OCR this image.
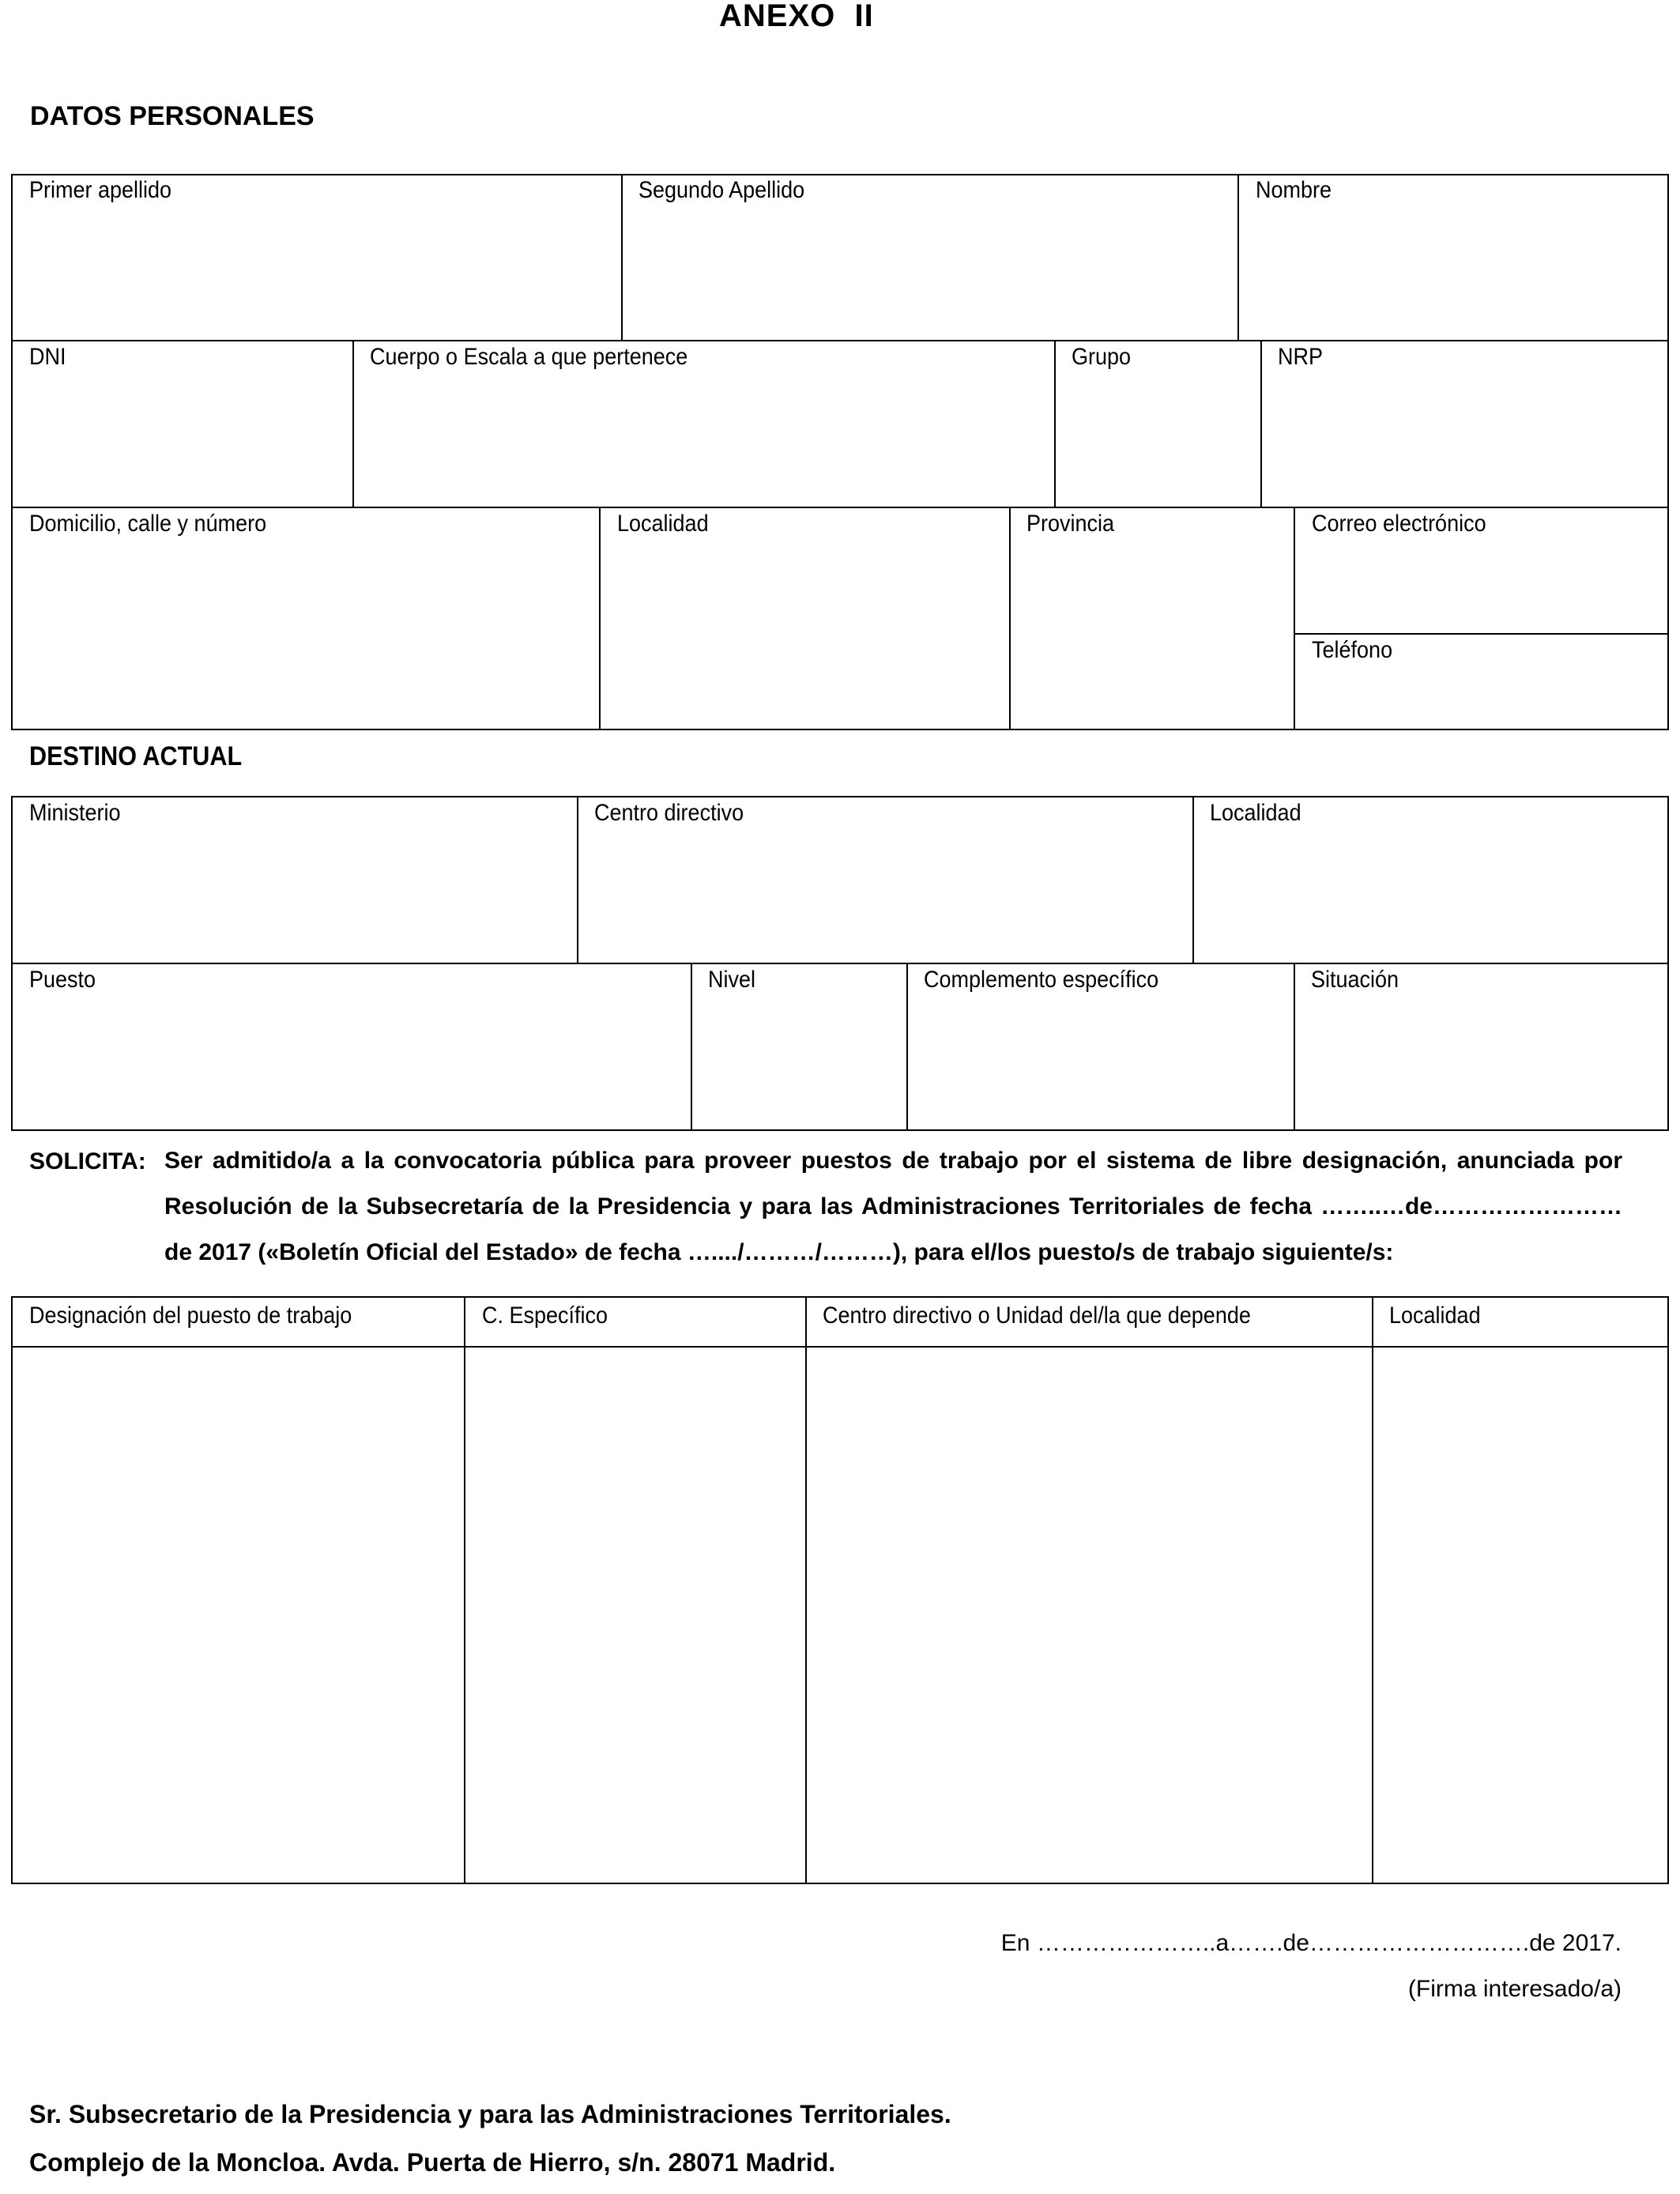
ANEXO  II
DATOS PERSONALES
Primer apellido	Segundo Apellido	Nombre
DNI	Cuerpo o Escala a que pertenece	Grupo	NRP
Domicilio, calle y número	Localidad	Provincia	Correo electrónico
Teléfono
DESTINO ACTUAL
Ministerio	Centro directivo	Localidad
Puesto	Nivel	Complemento específico	Situación
SOLICITA: Ser admitido/a a la convocatoria pública para proveer puestos de trabajo por el sistema de libre designación, anunciada por Resolución de la Subsecretaría de la Presidencia y para las Administraciones Territoriales de fecha ……..…de…………………… de 2017 («Boletín Oficial del Estado» de fecha …..../………/………), para el/los puesto/s de trabajo siguiente/s:
Designación del puesto de trabajo	C. Específico	Centro directivo o Unidad del/la que depende	Localidad
En …………………..a…….de……………………….de 2017.
(Firma interesado/a)
Sr. Subsecretario de la Presidencia y para las Administraciones Territoriales.
Complejo de la Moncloa. Avda. Puerta de Hierro, s/n. 28071 Madrid.
